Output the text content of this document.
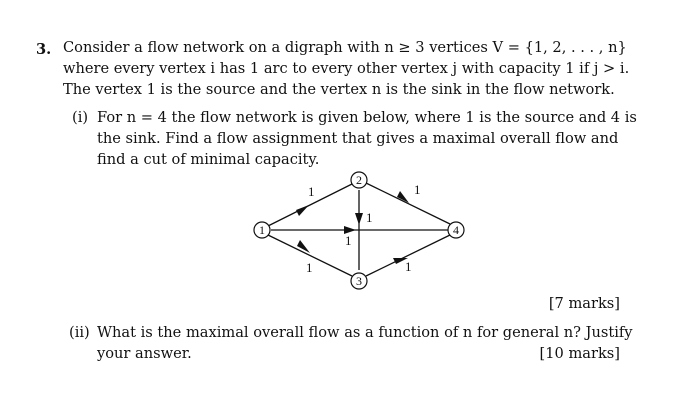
3. Consider a flow network on a digraph with n ≥ 3 vertices V = {1, 2, . . . , n}
where every vertex i has 1 arc to every other vertex j with capacity 1 if j > i.
The vertex 1 is the source and the vertex n is the sink in the flow network.
(i) For n = 4 the flow network is given below, where 1 is the source and 4 is
the sink. Find a flow assignment that gives a maximal overall flow and
find a cut of minimal capacity.
1
2
3
4
1	1
1
1
1	1
[7 marks]
(ii) What is the maximal overall flow as a function of n for general n? Justify
your answer.	[10 marks]
